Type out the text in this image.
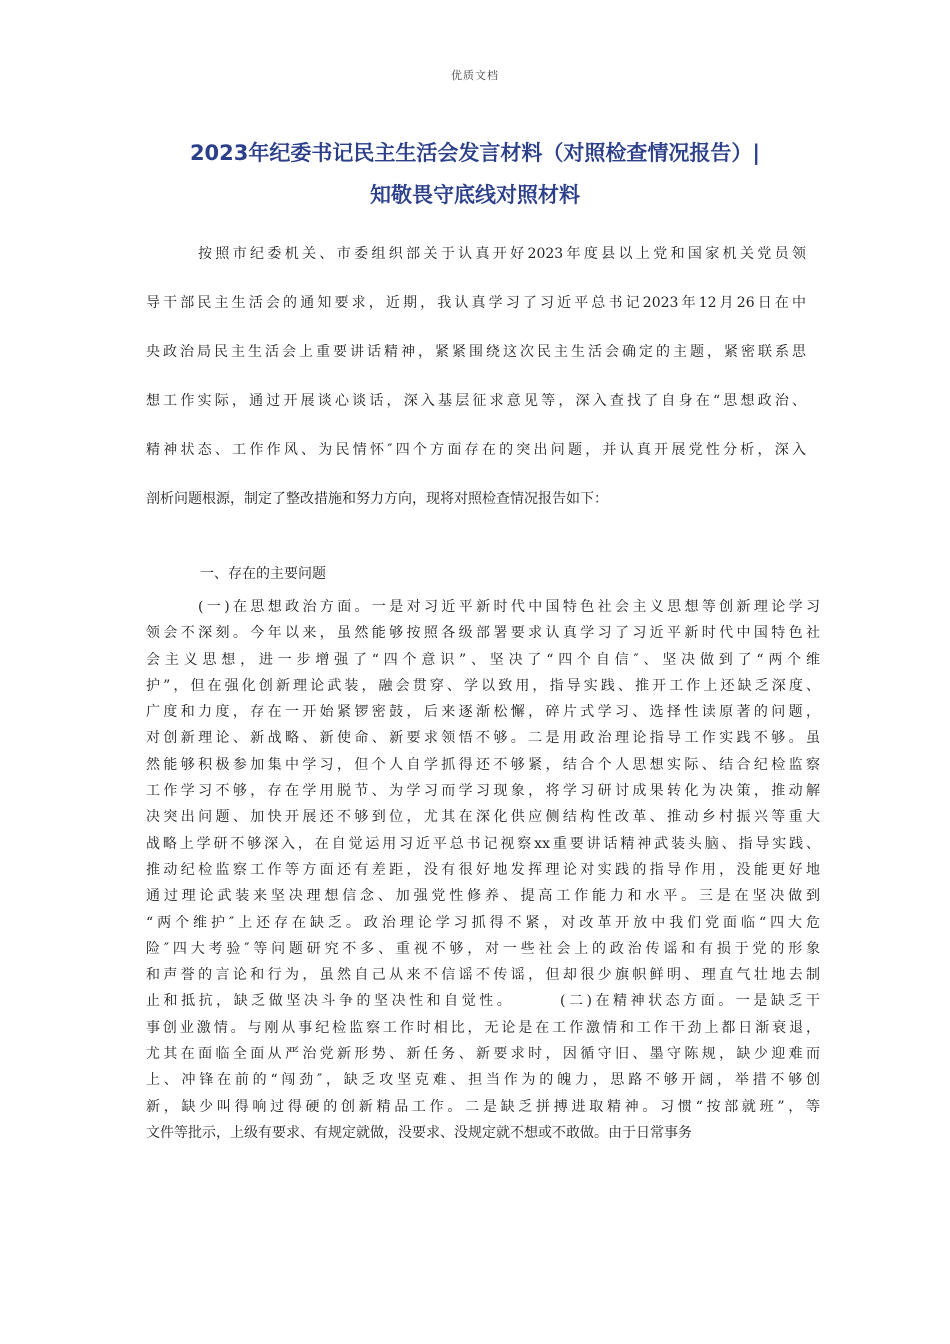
优质文档
2023年纪委书记民主生活会发言材料（对照检查情况报告）|
知敬畏守底线对照材料
按照市纪委机关、市委组织部关于认真开好2023年度县以上党和国家机关党员领
导干部民主生活会的通知要求，近期，我认真学习了习近平总书记2023年12月26日在中
央政治局民主生活会上重要讲话精神，紧紧围绕这次民主生活会确定的主题，紧密联系思
想工作实际，通过开展谈心谈话，深入基层征求意见等，深入查找了自身在“思想政治、
精神状态、工作作风、为民情怀″四个方面存在的突出问题，并认真开展党性分析，深入
剖析问题根源，制定了整改措施和努力方向，现将对照检查情况报告如下：
一、存在的主要问题
(一)在思想政治方面。一是对习近平新时代中国特色社会主义思想等创新理论学习
领会不深刻。今年以来，虽然能够按照各级部署要求认真学习了习近平新时代中国特色社
会主义思想，进一步增强了“四个意识”、坚决了“四个自信″、坚决做到了“两个维
护”，但在强化创新理论武装，融会贯穿、学以致用，指导实践、推开工作上还缺乏深度、
广度和力度，存在一开始紧锣密鼓，后来逐渐松懈，碎片式学习、选择性读原著的问题，
对创新理论、新战略、新使命、新要求领悟不够。二是用政治理论指导工作实践不够。虽
然能够积极参加集中学习，但个人自学抓得还不够紧，结合个人思想实际、结合纪检监察
工作学习不够，存在学用脱节、为学习而学习现象，将学习研讨成果转化为决策，推动解
决突出问题、加快开展还不够到位，尤其在深化供应侧结构性改革、推动乡村振兴等重大
战略上学研不够深入，在自觉运用习近平总书记视察xx重要讲话精神武装头脑、指导实践、
推动纪检监察工作等方面还有差距，没有很好地发挥理论对实践的指导作用，没能更好地
通过理论武装来坚决理想信念、加强党性修养、提高工作能力和水平。三是在坚决做到
“两个维护″上还存在缺乏。政治理论学习抓得不紧，对改革开放中我们党面临“四大危
险″四大考验″等问题研究不多、重视不够，对一些社会上的政治传谣和有损于党的形象
和声誉的言论和行为，虽然自己从来不信谣不传谣，但却很少旗帜鲜明、理直气壮地去制
止和抵抗，缺乏做坚决斗争的坚决性和自觉性。　　　(二)在精神状态方面。一是缺乏干
事创业激情。与刚从事纪检监察工作时相比，无论是在工作激情和工作干劲上都日渐衰退，
尤其在面临全面从严治党新形势、新任务、新要求时，因循守旧、墨守陈规，缺少迎难而
上、冲锋在前的“闯劲″，缺乏攻坚克难、担当作为的魄力，思路不够开阔，举措不够创
新，缺少叫得响过得硬的创新精品工作。二是缺乏拼搏进取精神。习惯“按部就班”，等
文件等批示，上级有要求、有规定就做，没要求、没规定就不想或不敢做。由于日常事务
